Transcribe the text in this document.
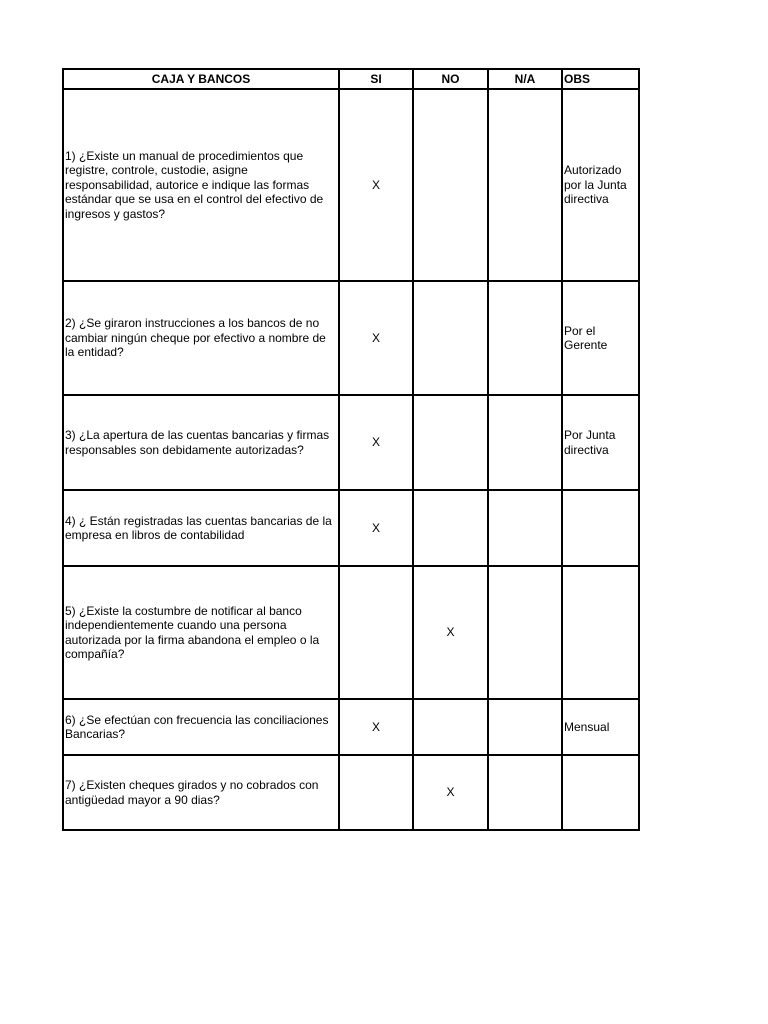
CAJA Y BANCOS	SI	NO	N/A	OBS
1) ¿Existe un manual de procedimientos que registre, controle, custodie, asigne responsabilidad, autorice e indique las formas estándar que se usa en el control del efectivo de ingresos y gastos?	X			Autorizado por la Junta directiva
2) ¿Se giraron instrucciones a los bancos de no cambiar ningún cheque por efectivo a nombre de la entidad?	X			Por el Gerente
3) ¿La apertura de las cuentas bancarias y firmas responsables son debidamente autorizadas?	X			Por Junta directiva
4) ¿ Están registradas las cuentas bancarias de la empresa en libros de contabilidad	X			
5) ¿Existe la costumbre de notificar al banco independientemente cuando una persona autorizada por la firma abandona el empleo o la compañía?		X		
6) ¿Se efectúan con frecuencia las conciliaciones Bancarias?	X			Mensual
7) ¿Existen cheques girados y no cobrados con antigüedad mayor a 90 dias?		X		
